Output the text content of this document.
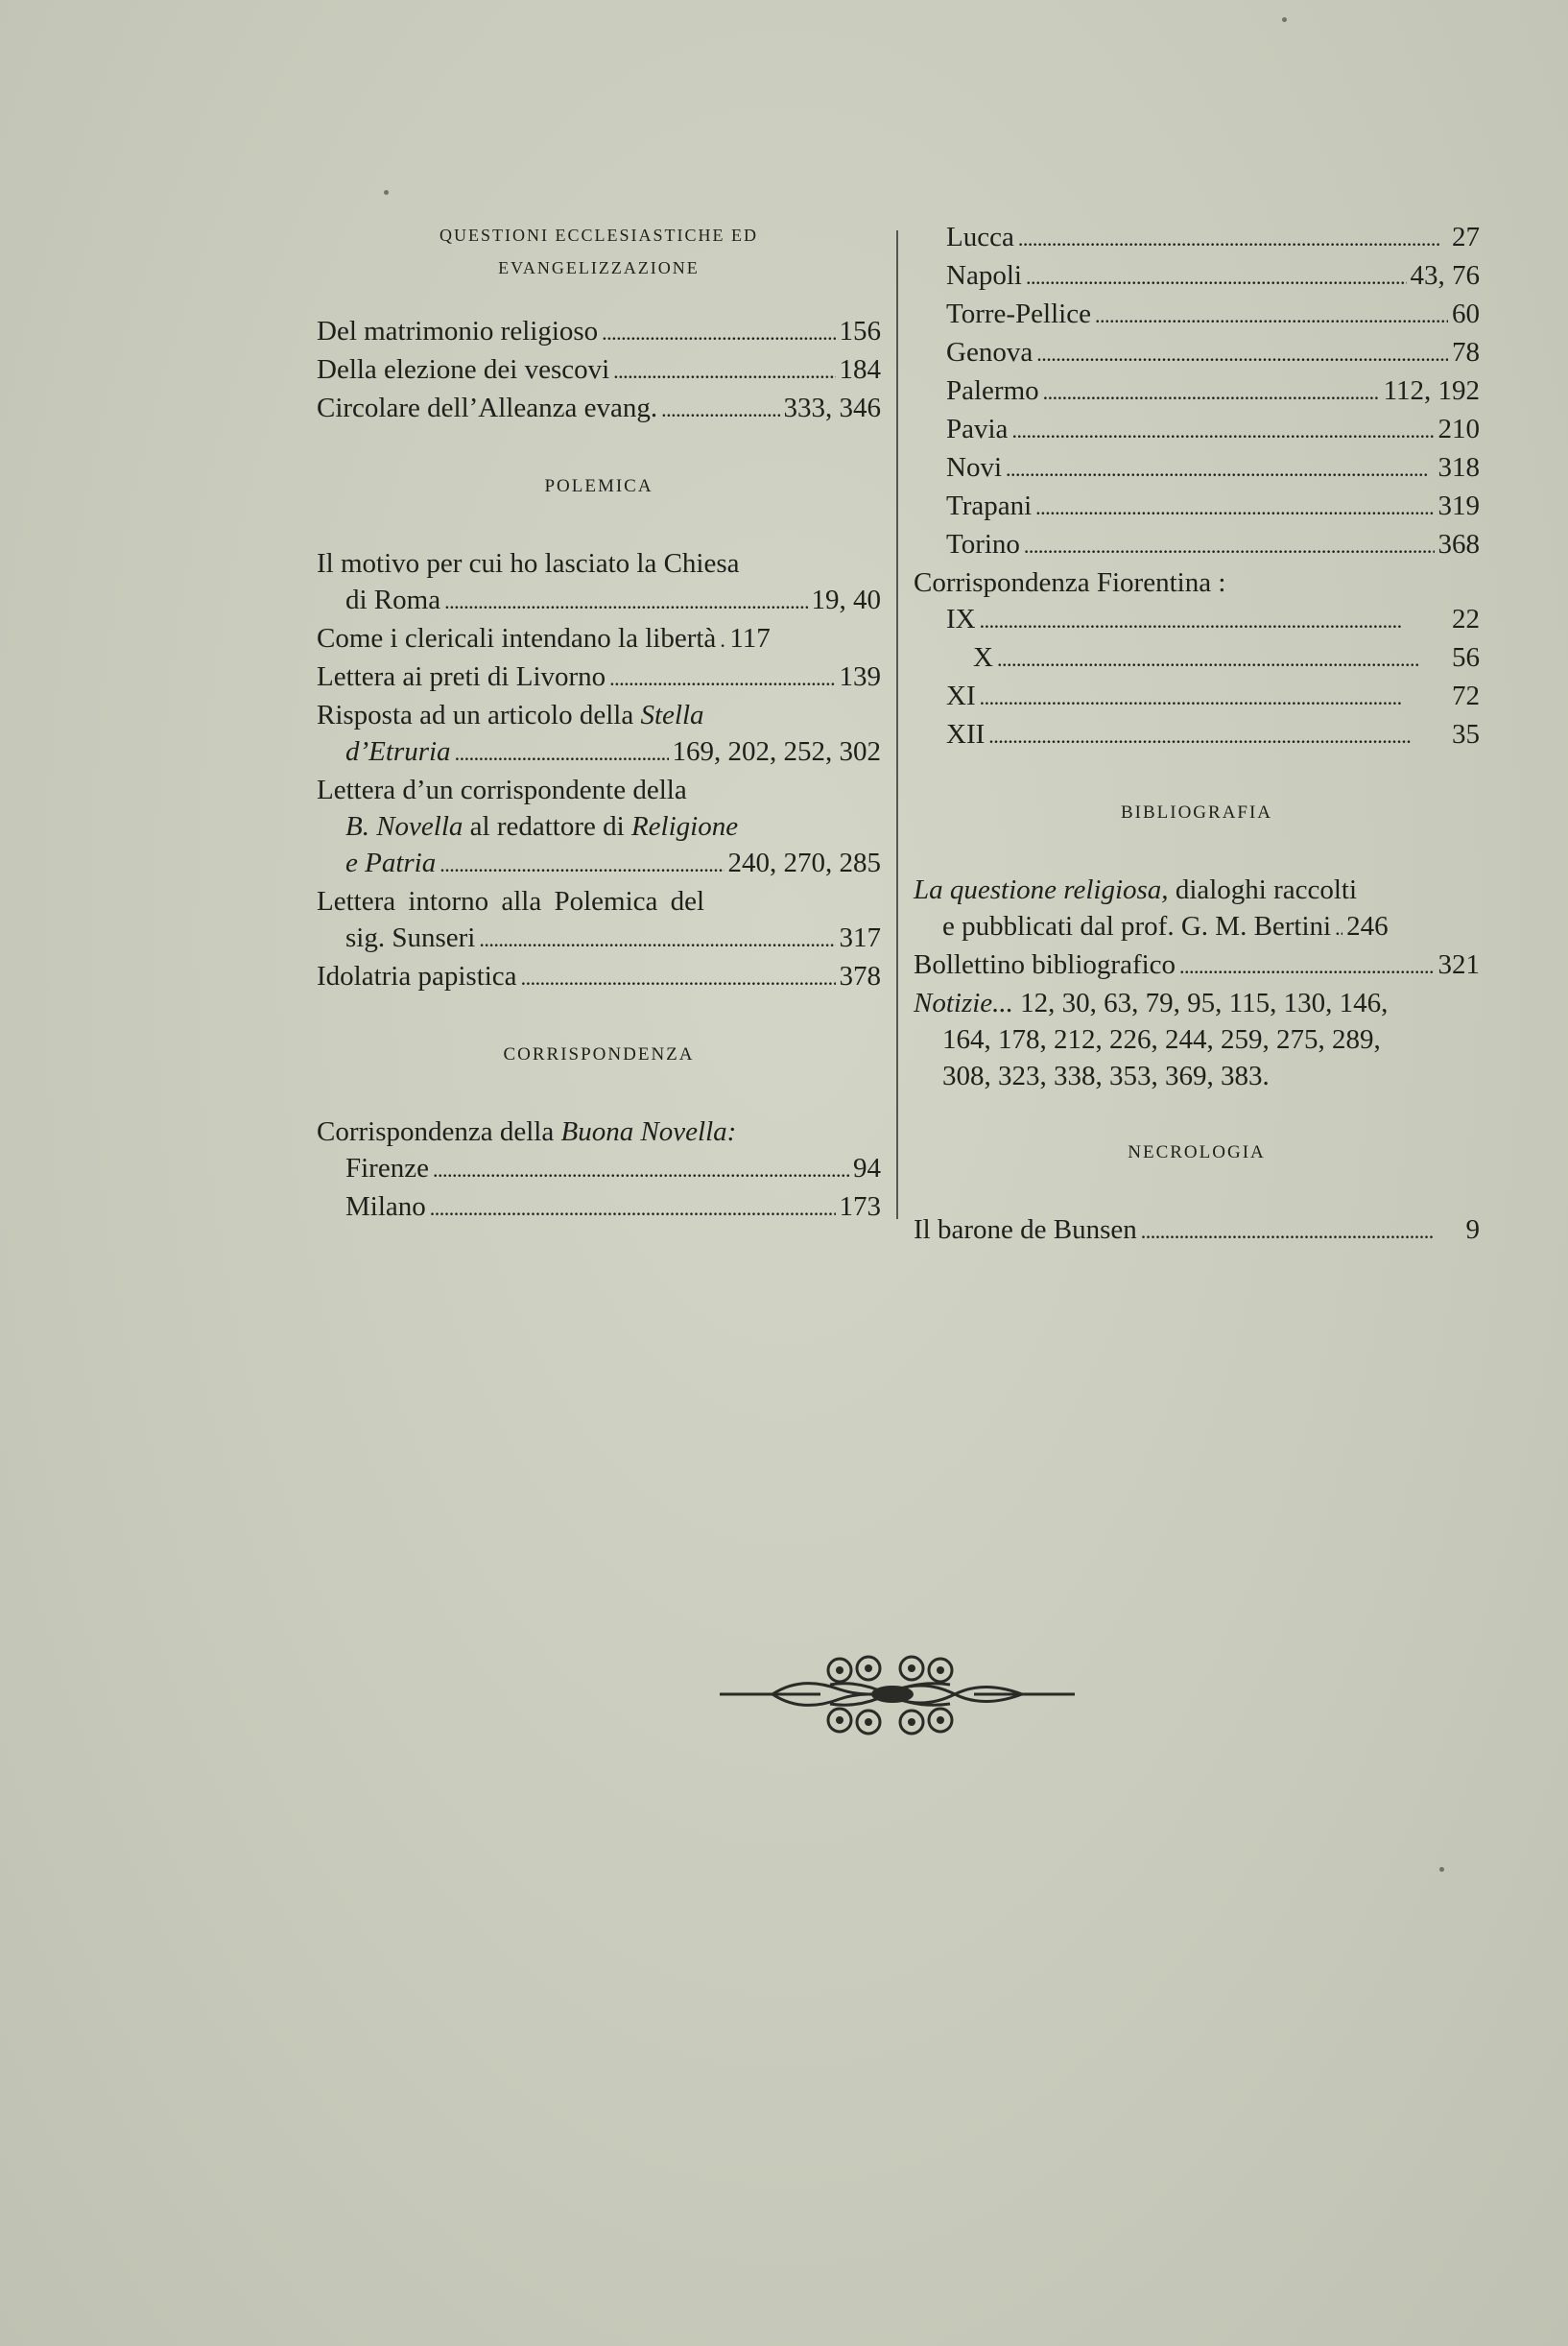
QUESTIONI ECCLESIASTICHE ED
EVANGELIZZAZIONE
Del matrimonio religioso . . .	156
Della elezione dei vescovi . . .	184
Circolare dell’Alleanza evang. . . .	333, 346
POLEMICA
Il motivo per cui ho lasciato la Chiesa
di Roma . . .	19, 40
Come i clericali intendano la libertà . . . 117
Lettera ai preti di Livorno . . .	139
Risposta ad un articolo della Stella
d’Etruria . . .	169, 202, 252, 302
Lettera d’un corrispondente della
B. Novella al redattore di Religione
e Patria . . .	240, 270, 285
Lettera intorno alla Polemica del
sig. Sunseri . . .	317
Idolatria papistica . . .	378
CORRISPONDENZA
Corrispondenza della Buona Novella:
Firenze . . .	94
Milano . . .	173
Lucca . . .	27
Napoli . . .	43, 76
Torre-Pellice . . .	60
Genova . . .	78
Palermo . . .	112, 192
Pavia . . .	210
Novi . . .	318
Trapani . . .	319
Torino . . .	368
Corrispondenza Fiorentina :
IX . . .	22
X . . .	56
XI . . .	72
XII . . .	35
BIBLIOGRAFIA
La questione religiosa, dialoghi raccolti
e pubblicati dal prof. G. M. Bertini . . . 246
Bollettino bibliografico . . .	321
Notizie... 12, 30, 63, 79, 95, 115, 130, 146,
164, 178, 212, 226, 244, 259, 275, 289,
308, 323, 338, 353, 369, 383.
NECROLOGIA
Il barone de Bunsen . . .	9
